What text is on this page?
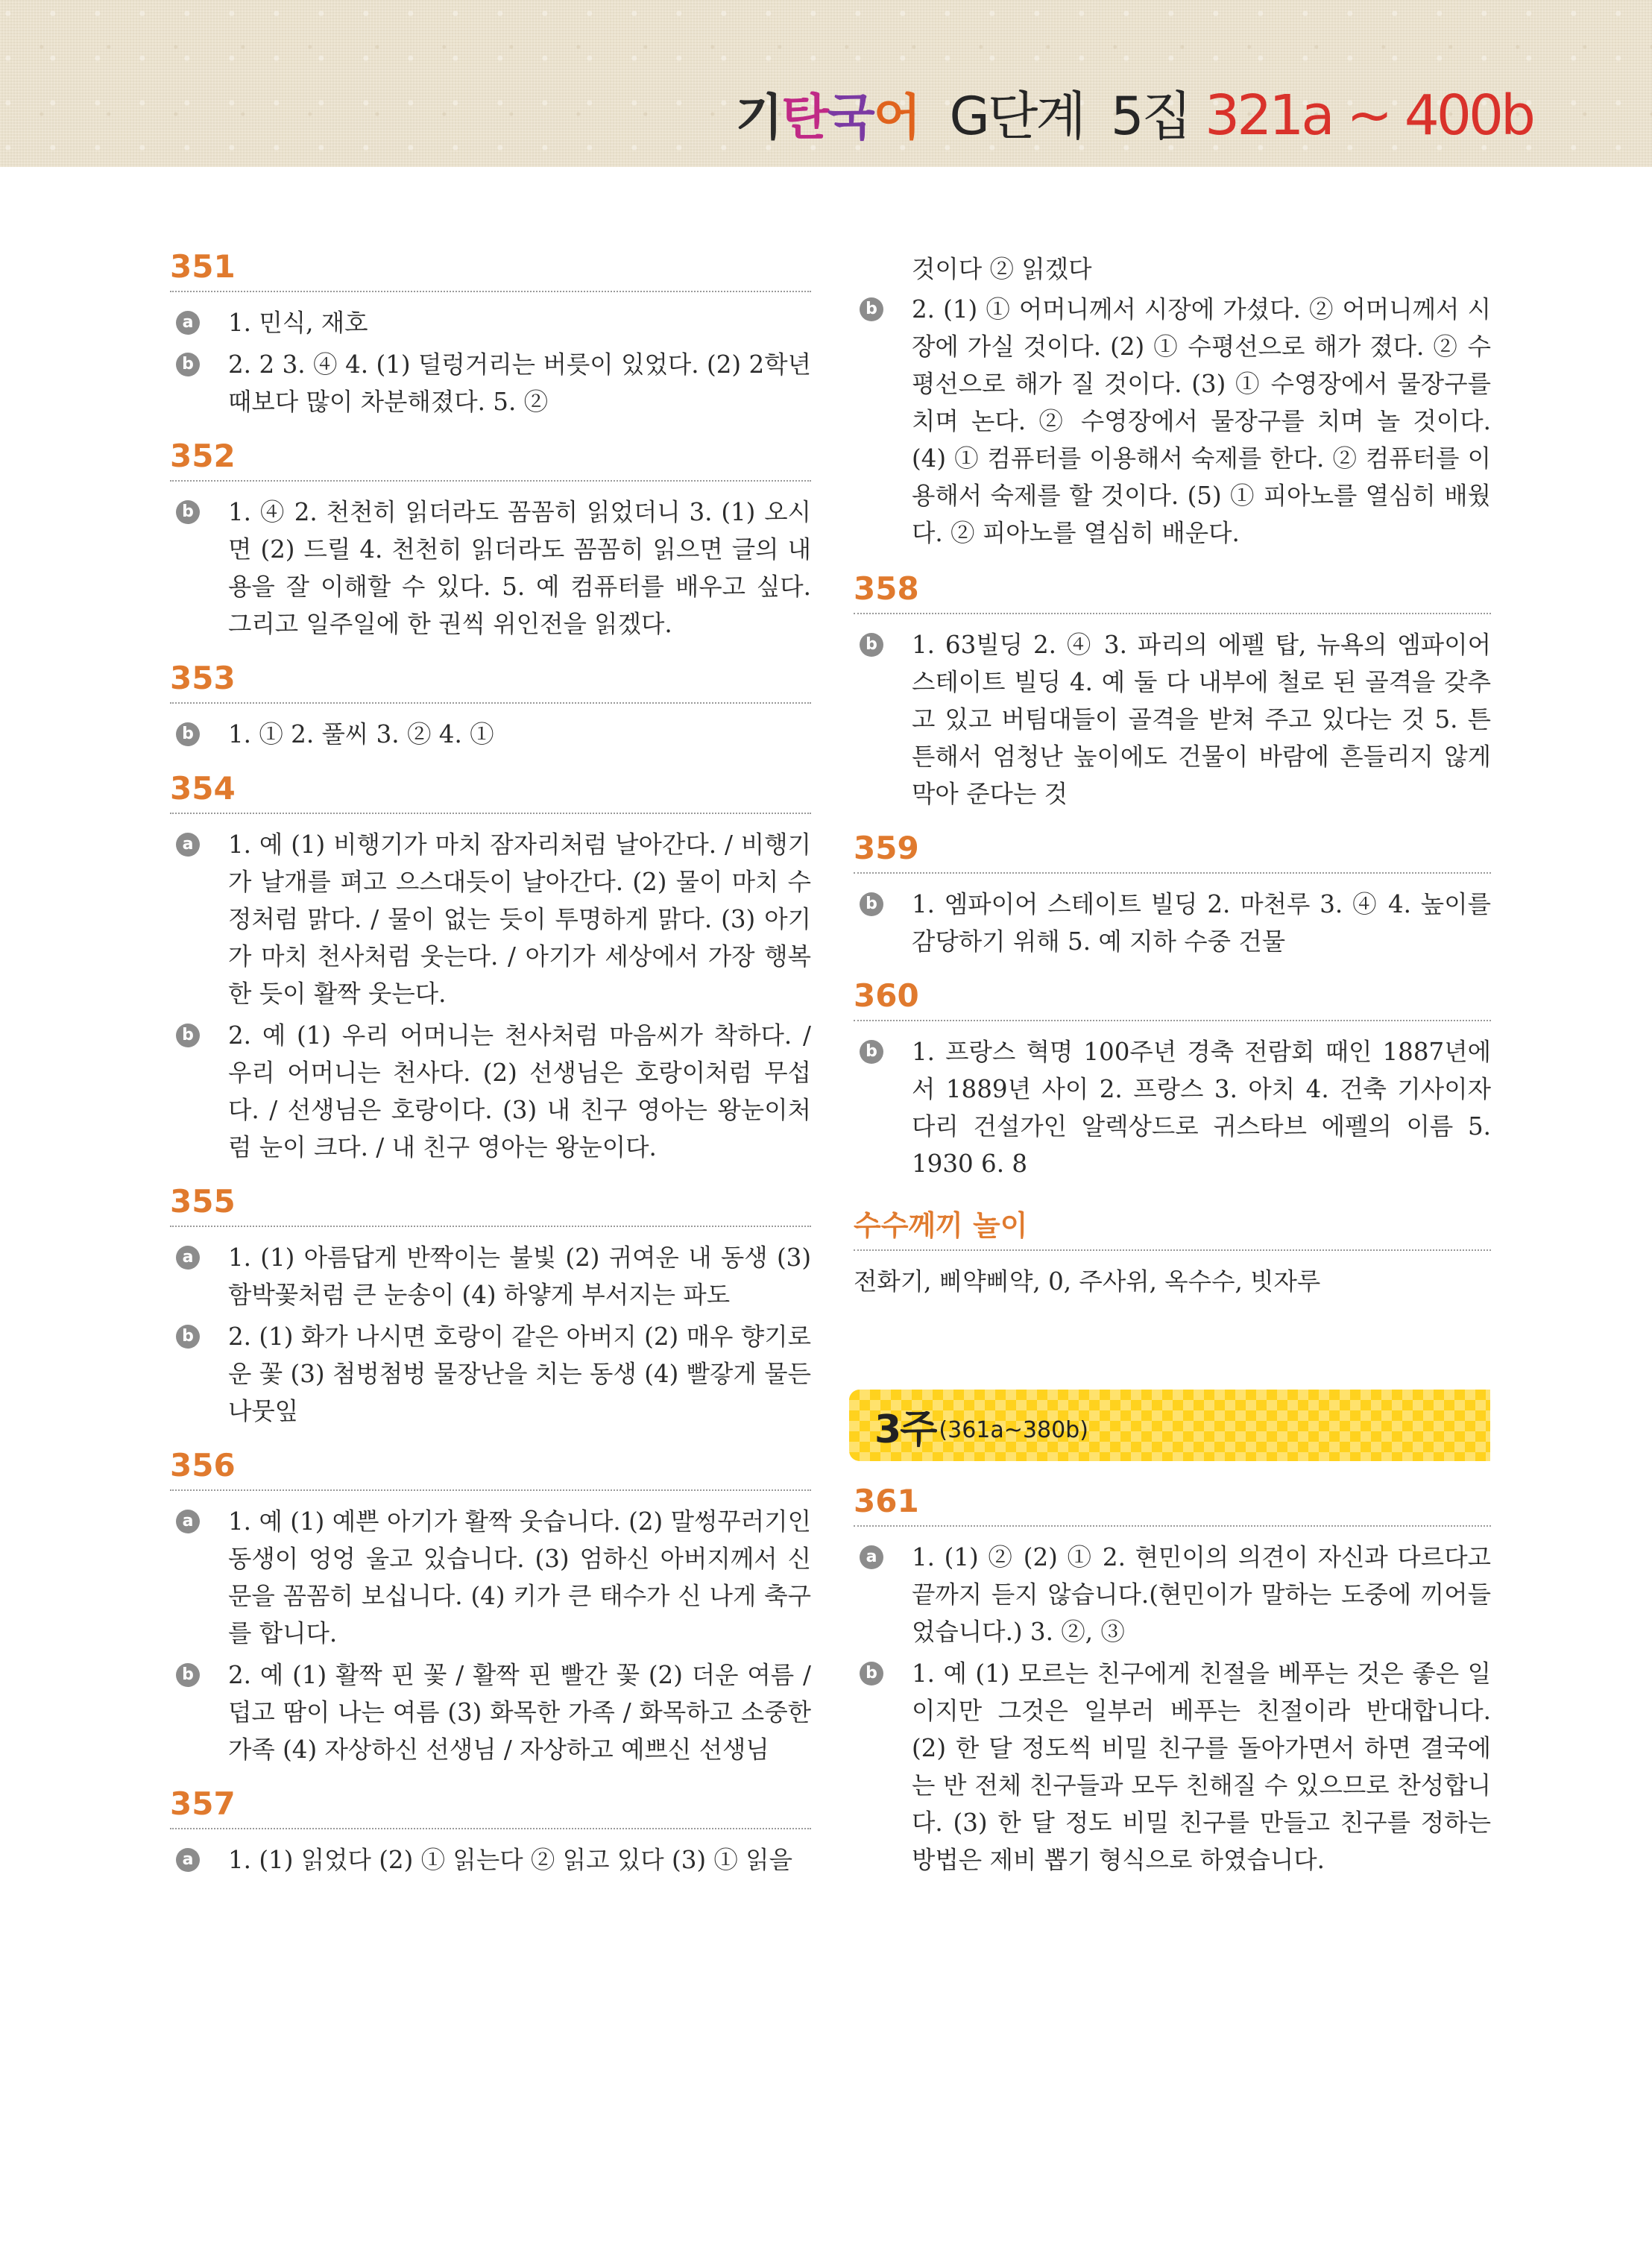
기탄국어 G단계 5집 321a ~ 400b
351
a 1. 민식, 재호
b 2. 2 3. ④ 4. (1) 덜렁거리는 버릇이 있었다. (2) 2학년 때보다 많이 차분해졌다. 5. ②
352
b 1. ④ 2. 천천히 읽더라도 꼼꼼히 읽었더니 3. (1) 오시면 (2) 드릴 4. 천천히 읽더라도 꼼꼼히 읽으면 글의 내용을 잘 이해할 수 있다. 5. 예 컴퓨터를 배우고 싶다. 그리고 일주일에 한 권씩 위인전을 읽겠다.
353
b 1. ① 2. 풀씨 3. ② 4. ①
354
a 1. 예 (1) 비행기가 마치 잠자리처럼 날아간다. / 비행기가 날개를 펴고 으스대듯이 날아간다. (2) 물이 마치 수정처럼 맑다. / 물이 없는 듯이 투명하게 맑다. (3) 아기가 마치 천사처럼 웃는다. / 아기가 세상에서 가장 행복한 듯이 활짝 웃는다.
b 2. 예 (1) 우리 어머니는 천사처럼 마음씨가 착하다. / 우리 어머니는 천사다. (2) 선생님은 호랑이처럼 무섭다. / 선생님은 호랑이다. (3) 내 친구 영아는 왕눈이처럼 눈이 크다. / 내 친구 영아는 왕눈이다.
355
a 1. (1) 아름답게 반짝이는 불빛 (2) 귀여운 내 동생 (3) 함박꽃처럼 큰 눈송이 (4) 하얗게 부서지는 파도
b 2. (1) 화가 나시면 호랑이 같은 아버지 (2) 매우 향기로운 꽃 (3) 첨벙첨벙 물장난을 치는 동생 (4) 빨갛게 물든 나뭇잎
356
a 1. 예 (1) 예쁜 아기가 활짝 웃습니다. (2) 말썽꾸러기인 동생이 엉엉 울고 있습니다. (3) 엄하신 아버지께서 신문을 꼼꼼히 보십니다. (4) 키가 큰 태수가 신 나게 축구를 합니다.
b 2. 예 (1) 활짝 핀 꽃 / 활짝 핀 빨간 꽃 (2) 더운 여름 / 덥고 땀이 나는 여름 (3) 화목한 가족 / 화목하고 소중한 가족 (4) 자상하신 선생님 / 자상하고 예쁘신 선생님
357
a 1. (1) 읽었다 (2) ① 읽는다 ② 읽고 있다 (3) ① 읽을
것이다 ② 읽겠다
b 2. (1) ① 어머니께서 시장에 가셨다. ② 어머니께서 시장에 가실 것이다. (2) ① 수평선으로 해가 졌다. ② 수평선으로 해가 질 것이다. (3) ① 수영장에서 물장구를 치며 논다. ② 수영장에서 물장구를 치며 놀 것이다. (4) ① 컴퓨터를 이용해서 숙제를 한다. ② 컴퓨터를 이용해서 숙제를 할 것이다. (5) ① 피아노를 열심히 배웠다. ② 피아노를 열심히 배운다.
358
b 1. 63빌딩 2. ④ 3. 파리의 에펠 탑, 뉴욕의 엠파이어 스테이트 빌딩 4. 예 둘 다 내부에 철로 된 골격을 갖추고 있고 버팀대들이 골격을 받쳐 주고 있다는 것 5. 튼튼해서 엄청난 높이에도 건물이 바람에 흔들리지 않게 막아 준다는 것
359
b 1. 엠파이어 스테이트 빌딩 2. 마천루 3. ④ 4. 높이를 감당하기 위해 5. 예 지하 수중 건물
360
b 1. 프랑스 혁명 100주년 경축 전람회 때인 1887년에서 1889년 사이 2. 프랑스 3. 아치 4. 건축 기사이자 다리 건설가인 알렉상드로 귀스타브 에펠의 이름 5. 1930 6. 8
수수께끼 놀이
전화기, 삐약삐약, 0, 주사위, 옥수수, 빗자루
3주 (361a~380b)
361
a 1. (1) ② (2) ① 2. 현민이의 의견이 자신과 다르다고 끝까지 듣지 않습니다.(현민이가 말하는 도중에 끼어들었습니다.) 3. ②, ③
b 1. 예 (1) 모르는 친구에게 친절을 베푸는 것은 좋은 일이지만 그것은 일부러 베푸는 친절이라 반대합니다. (2) 한 달 정도씩 비밀 친구를 돌아가면서 하면 결국에는 반 전체 친구들과 모두 친해질 수 있으므로 찬성합니다. (3) 한 달 정도 비밀 친구를 만들고 친구를 정하는 방법은 제비 뽑기 형식으로 하였습니다.
